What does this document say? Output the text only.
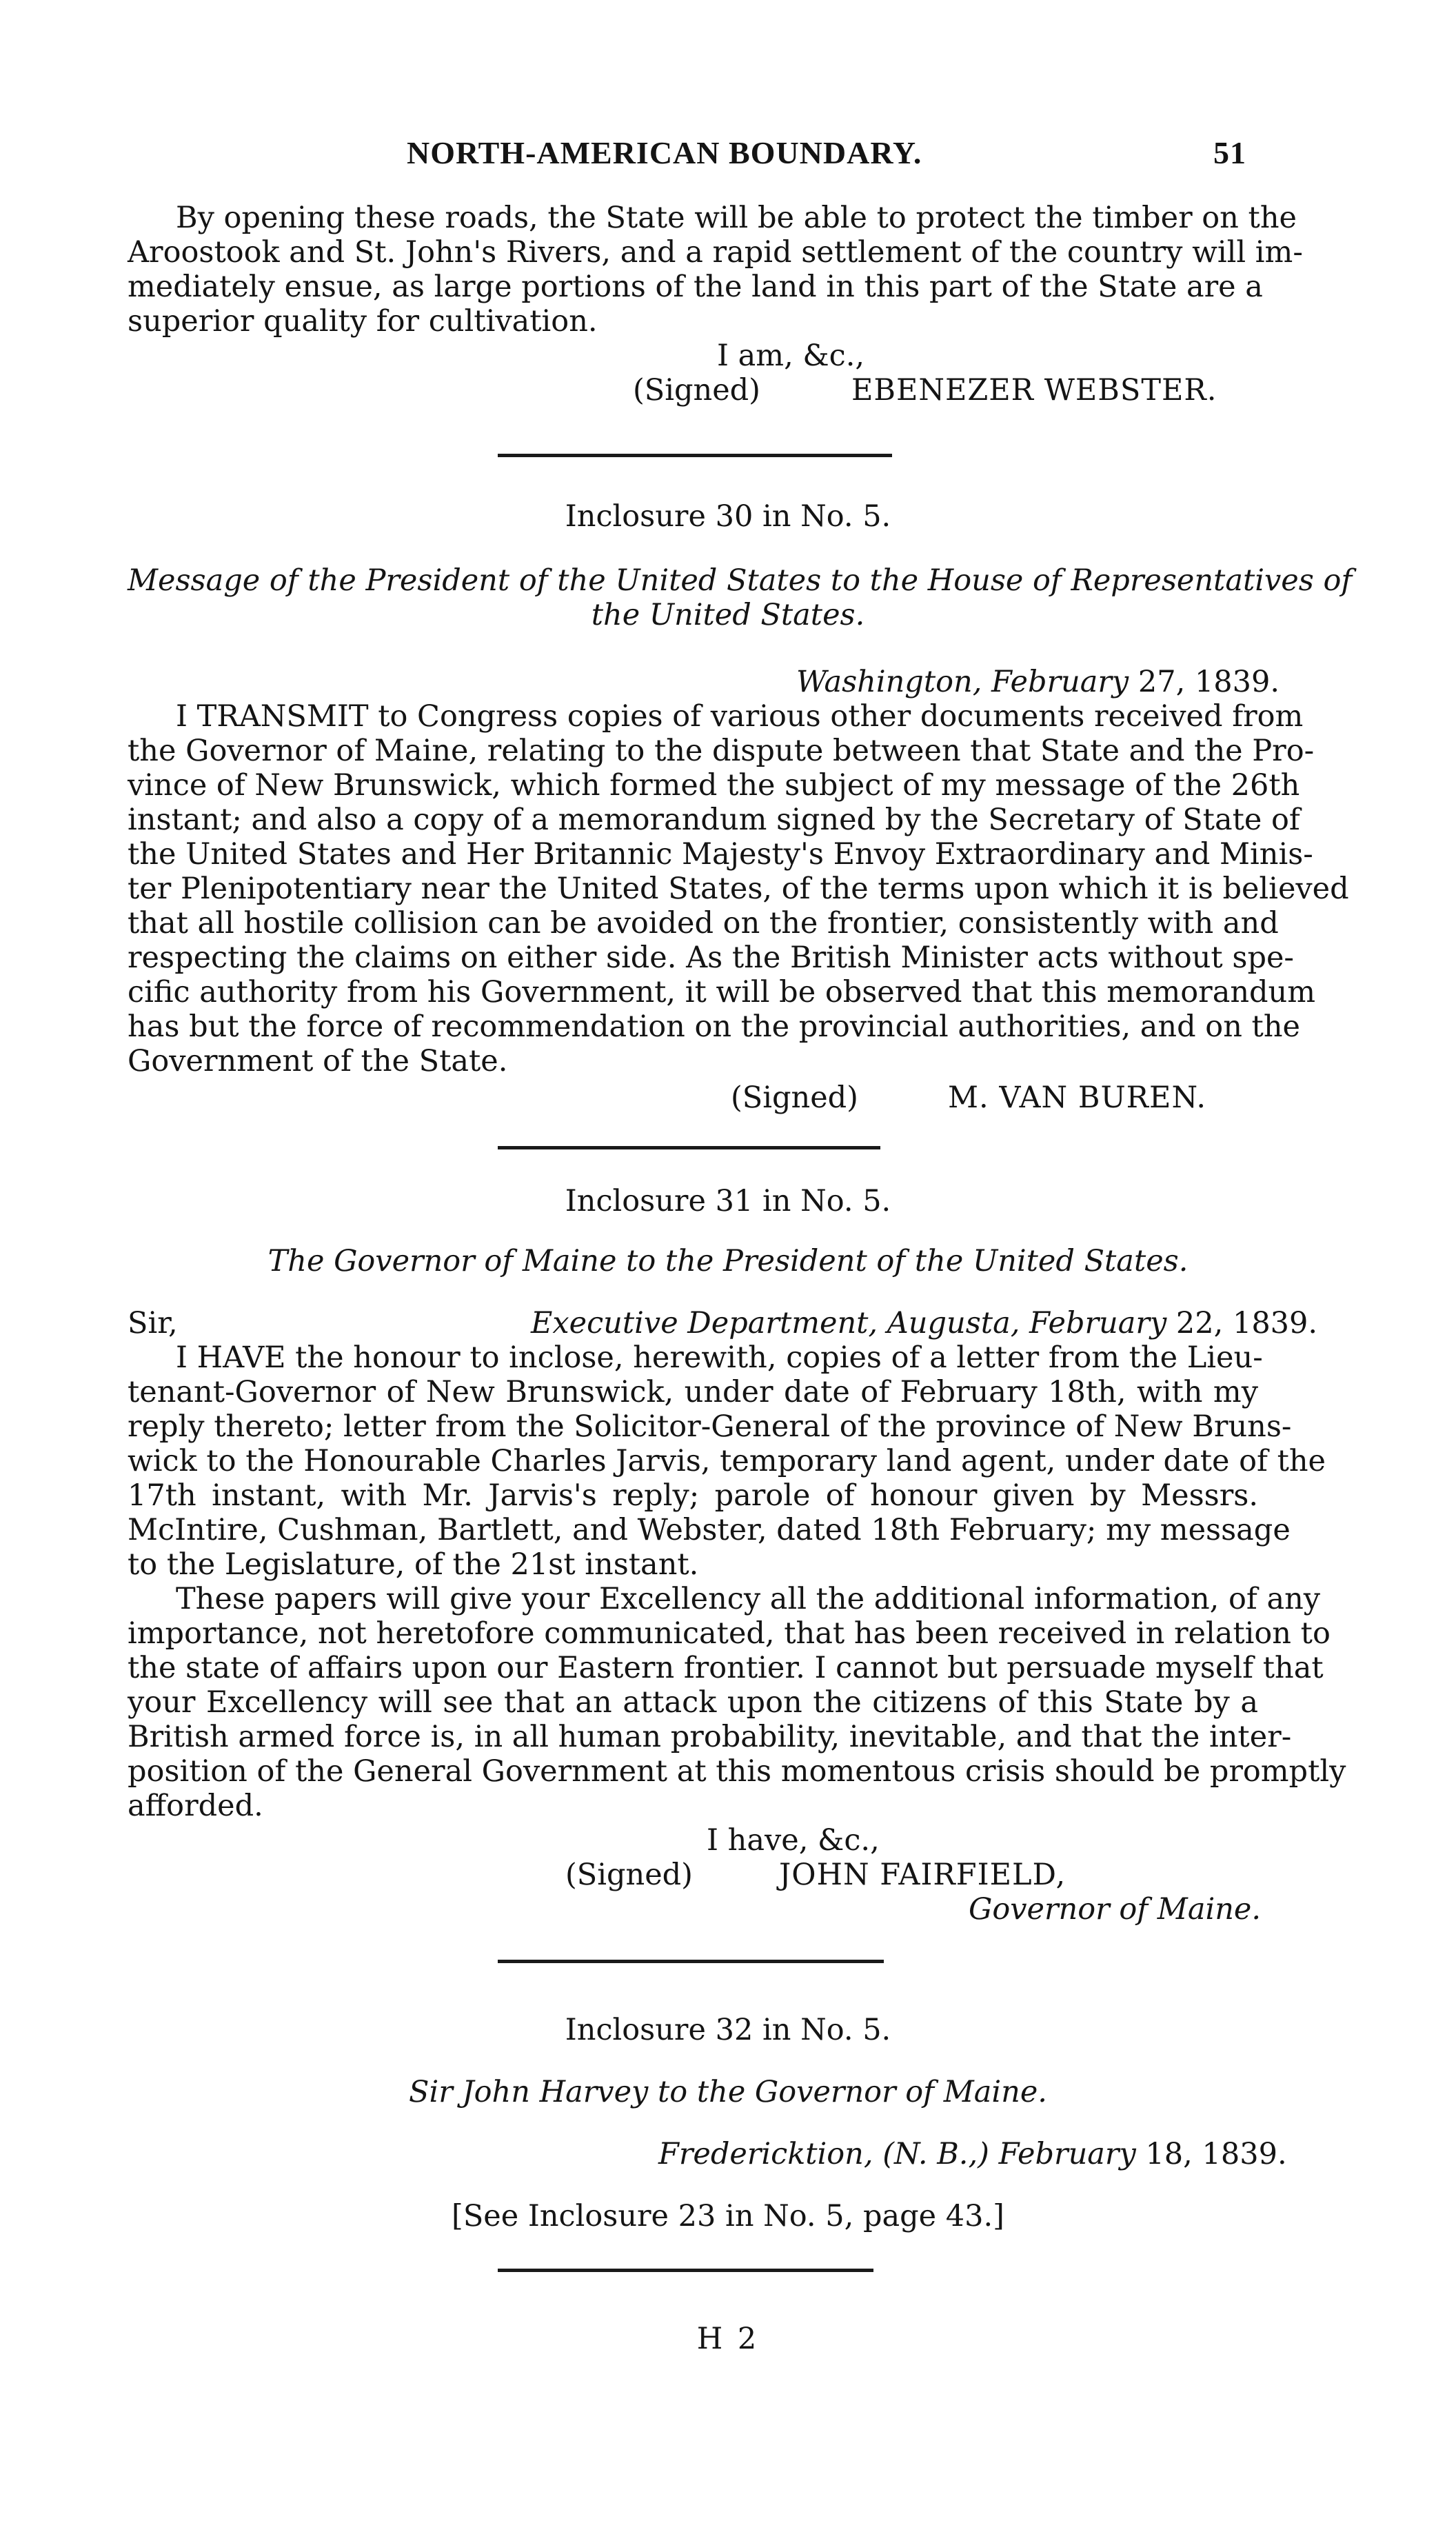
NORTH-AMERICAN BOUNDARY.	51
By opening these roads, the State will be able to protect the timber on the
Aroostook and St. John's Rivers, and a rapid settlement of the country will im-
mediately ensue, as large portions of the land in this part of the State are a
superior quality for cultivation.
I am, &c.,
(Signed)	EBENEZER WEBSTER.
Inclosure 30 in No. 5.
Message of the President of the United States to the House of Representatives of
the United States.
Washington, February 27, 1839.
I TRANSMIT to Congress copies of various other documents received from
the Governor of Maine, relating to the dispute between that State and the Pro-
vince of New Brunswick, which formed the subject of my message of the 26th
instant; and also a copy of a memorandum signed by the Secretary of State of
the United States and Her Britannic Majesty's Envoy Extraordinary and Minis-
ter Plenipotentiary near the United States, of the terms upon which it is believed
that all hostile collision can be avoided on the frontier, consistently with and
respecting the claims on either side. As the British Minister acts without spe-
cific authority from his Government, it will be observed that this memorandum
has but the force of recommendation on the provincial authorities, and on the
Government of the State.
(Signed)	M. VAN BUREN.
Inclosure 31 in No. 5.
The Governor of Maine to the President of the United States.
Sir,	Executive Department, Augusta, February 22, 1839.
I HAVE the honour to inclose, herewith, copies of a letter from the Lieu-
tenant-Governor of New Brunswick, under date of February 18th, with my
reply thereto; letter from the Solicitor-General of the province of New Bruns-
wick to the Honourable Charles Jarvis, temporary land agent, under date of the
17th instant, with Mr. Jarvis's reply; parole of honour given by Messrs.
McIntire, Cushman, Bartlett, and Webster, dated 18th February; my message
to the Legislature, of the 21st instant.
These papers will give your Excellency all the additional information, of any
importance, not heretofore communicated, that has been received in relation to
the state of affairs upon our Eastern frontier. I cannot but persuade myself that
your Excellency will see that an attack upon the citizens of this State by a
British armed force is, in all human probability, inevitable, and that the inter-
position of the General Government at this momentous crisis should be promptly
afforded.
I have, &c.,
(Signed)	JOHN FAIRFIELD,
Governor of Maine.
Inclosure 32 in No. 5.
Sir John Harvey to the Governor of Maine.
Fredericktion, (N. B.,) February 18, 1839.
[See Inclosure 23 in No. 5, page 43.]
H 2
